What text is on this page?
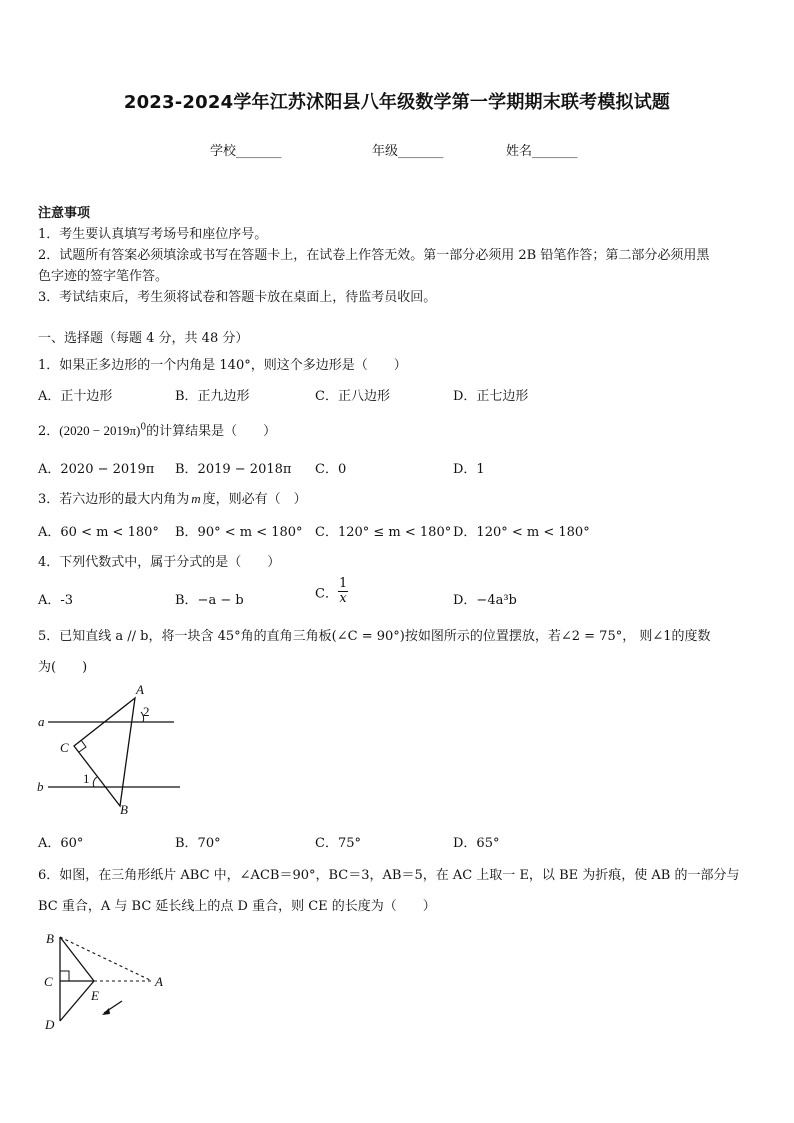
2023-2024学年江苏沭阳县八年级数学第一学期期末联考模拟试题
学校_______	年级_______	姓名_______
注意事项
1．考生要认真填写考场号和座位序号。
2．试题所有答案必须填涂或书写在答题卡上，在试卷上作答无效。第一部分必须用 2B 铅笔作答；第二部分必须用黑
色字迹的签字笔作答。
3．考试结束后，考生须将试卷和答题卡放在桌面上，待监考员收回。
一、选择题（每题 4 分，共 48 分）
1．如果正多边形的一个内角是 140°，则这个多边形是（　　）
A．正十边形	B．正九边形	C．正八边形	D．正七边形
2．$(2020 - 2019\pi)^0$的计算结果是（　　）
A．2020 − 2019π B．2019 − 2018π C．0	D．1
3．若六边形的最大内角为 m 度，则必有（　）
A．60 < m < 180° B．90° < m < 180° C．120° ≤ m < 180° D．120° < m < 180°
4．下列代数式中，属于分式的是（　　）
A．-3	B．−a − b	C． $\frac{1}{x}$	D．−4a³b
5．已知直线 a // b，将一块含 45°角的直角三角板(∠C = 90°)按如图所示的位置摆放，若∠2 = 75°， 则∠1的度数
为(　　)
a
b
A
B
C
2
1
A．60°	B．70°	C．75°	D．65°
6．如图，在三角形纸片 ABC 中，∠ACB＝90°，BC＝3，AB＝5，在 AC 上取一 E，以 BE 为折痕，使 AB 的一部分与
BC 重合，A 与 BC 延长线上的点 D 重合，则 CE 的长度为（　　）
B
C	A
E
D
